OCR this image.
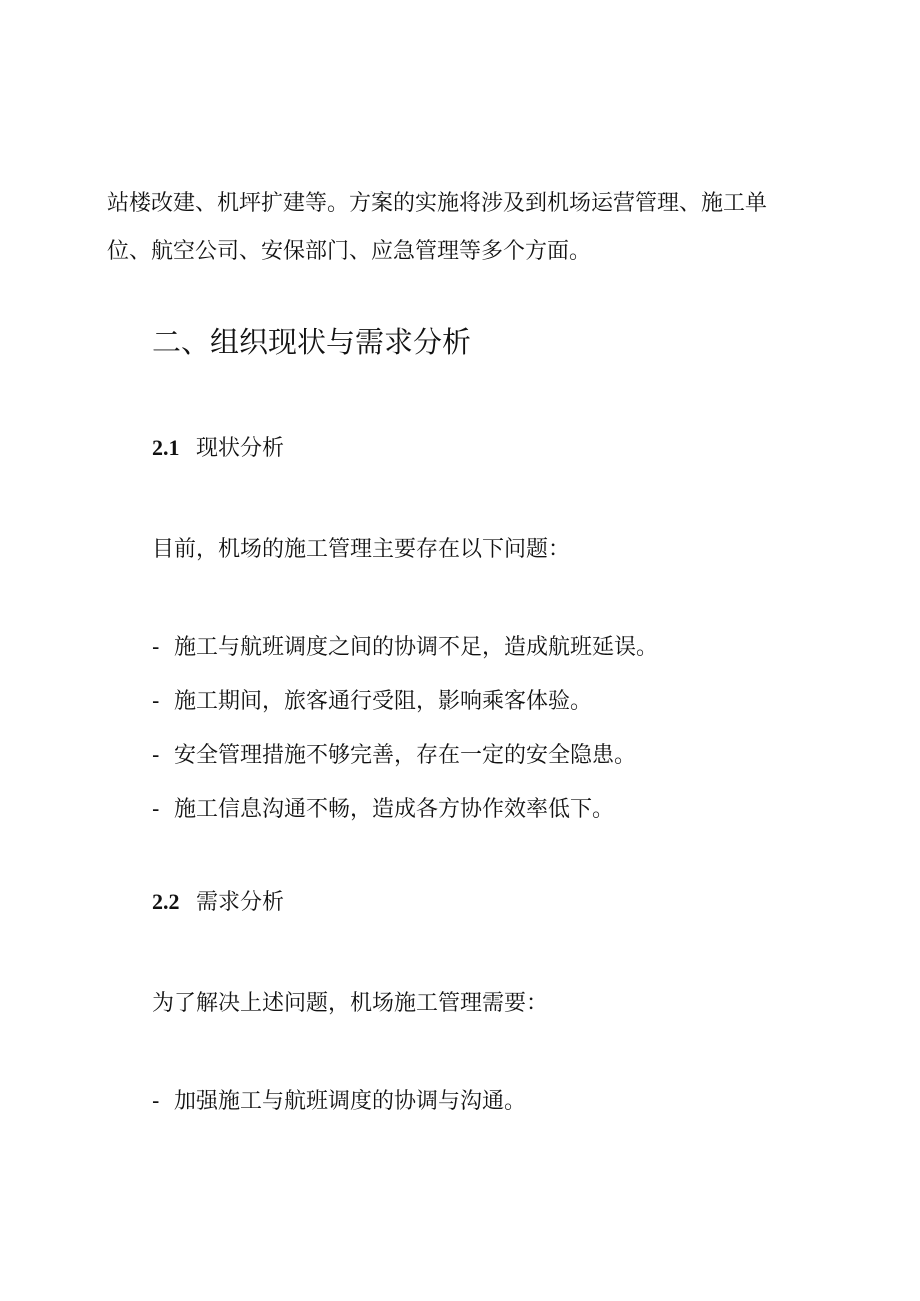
站楼改建、机坪扩建等。方案的实施将涉及到机场运营管理、施工单
位、航空公司、安保部门、应急管理等多个方面。

二、组织现状与需求分析
2.1 现状分析

目前，机场的施工管理主要存在以下问题：

- 施工与航班调度之间的协调不足，造成航班延误。
- 施工期间，旅客通行受阻，影响乘客体验。
- 安全管理措施不够完善，存在一定的安全隐患。
- 施工信息沟通不畅，造成各方协作效率低下。
2.2 需求分析

为了解决上述问题，机场施工管理需要：

- 加强施工与航班调度的协调与沟通。
